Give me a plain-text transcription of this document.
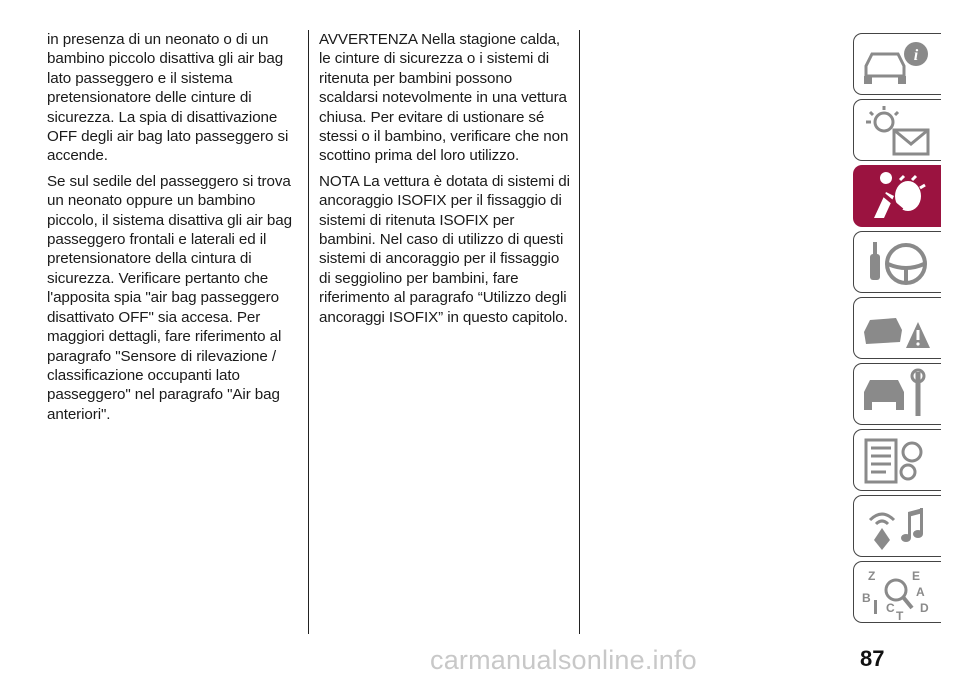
in presenza di un neonato o di un bambino piccolo disattiva gli air bag lato passeggero e il sistema pretensionatore delle cinture di sicurezza. La spia di disattivazione OFF degli air bag lato passeggero si accende.

Se sul sedile del passeggero si trova un neonato oppure un bambino piccolo, il sistema disattiva gli air bag passeggero frontali e laterali ed il pretensionatore della cintura di sicurezza. Verificare pertanto che l'apposita spia "air bag passeggero disattivato OFF" sia accesa. Per maggiori dettagli, fare riferimento al paragrafo "Sensore di rilevazione / classificazione occupanti lato passeggero" nel paragrafo "Air bag anteriori".

AVVERTENZA Nella stagione calda, le cinture di sicurezza o i sistemi di ritenuta per bambini possono scaldarsi notevolmente in una vettura chiusa. Per evitare di ustionare sé stessi o il bambino, verificare che non scottino prima del loro utilizzo.

NOTA La vettura è dotata di sistemi di ancoraggio ISOFIX per il fissaggio di sistemi di ritenuta ISOFIX per bambini. Nel caso di utilizzo di questi sistemi di ancoraggio per il fissaggio di seggiolino per bambini, fare riferimento al paragrafo “Utilizzo degli ancoraggi ISOFIX” in questo capitolo.

i
Z	E
A
B
C D
T
87
carmanualsonline.info
